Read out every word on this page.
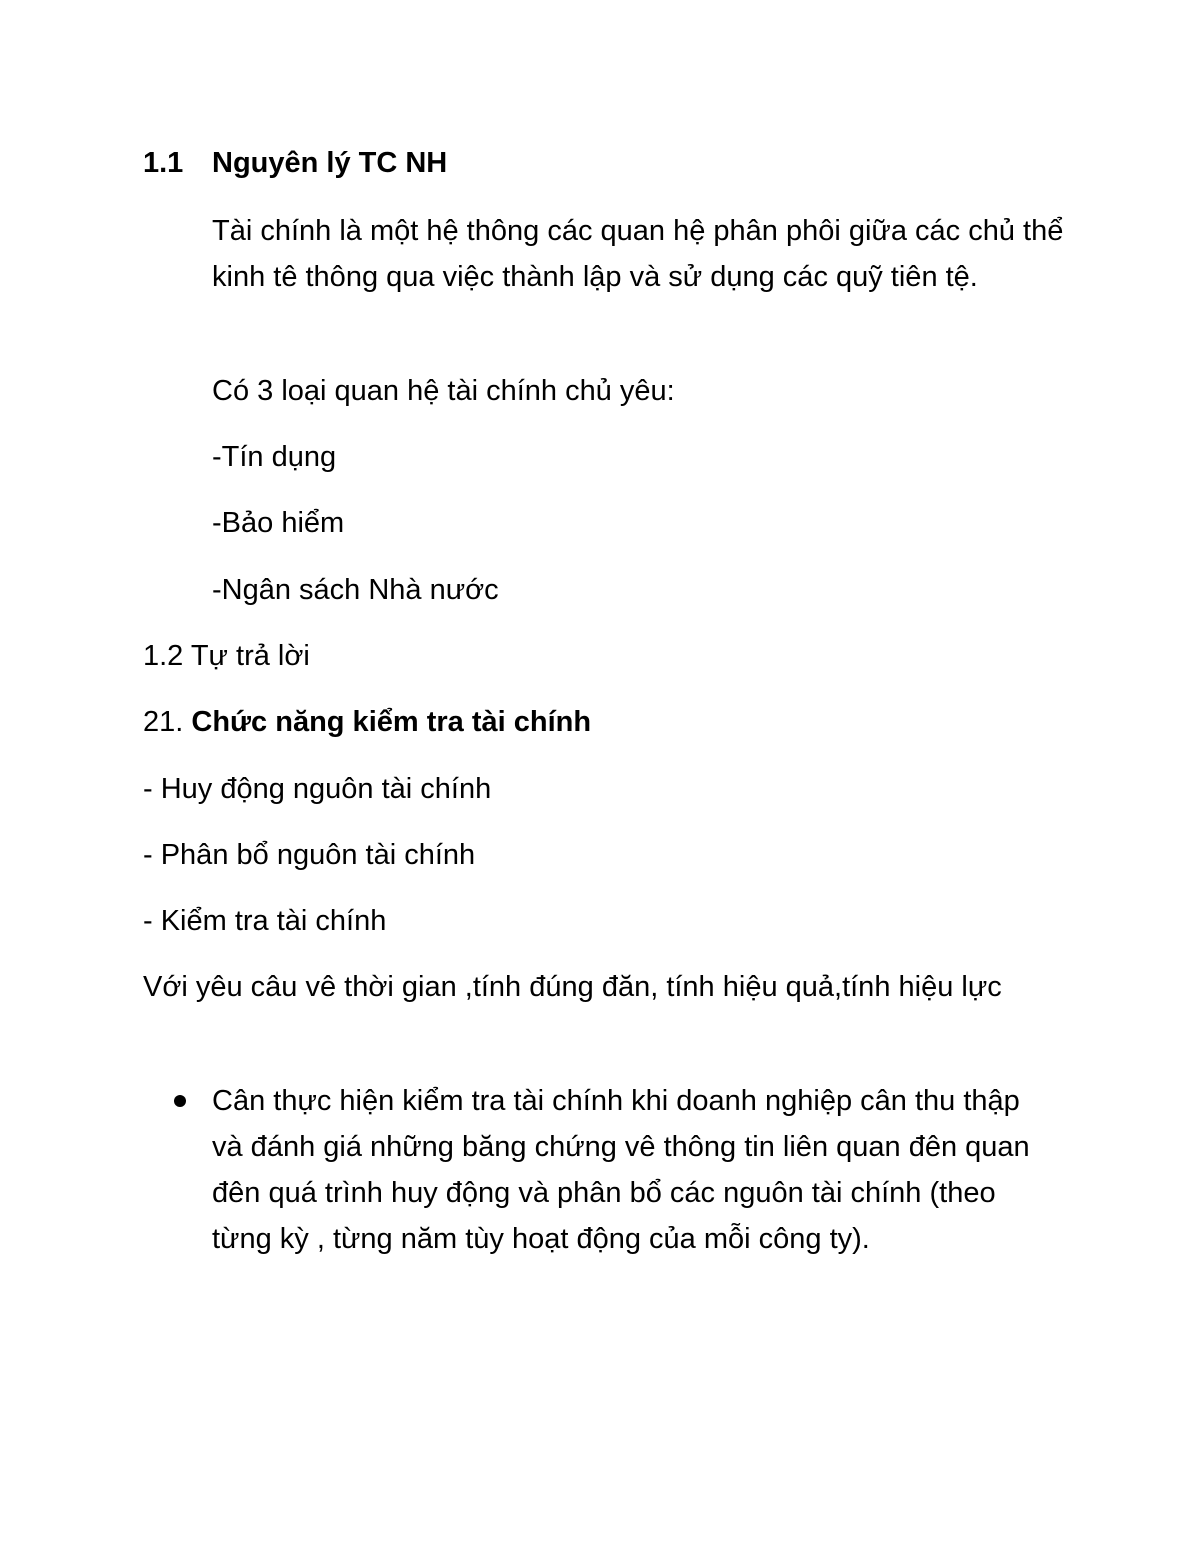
1.1 Nguyên lý TC NH
Tài chính là một hệ thông các quan hệ phân phôi giữa các chủ thể kinh tê thông qua việc thành lập và sử dụng các quỹ tiên tệ.
Có 3 loại quan hệ tài chính chủ yêu:
-Tín dụng
-Bảo hiểm
-Ngân sách Nhà nước
1.2 Tự trả lời
21. Chức năng kiểm tra tài chính
- Huy động nguôn tài chính
- Phân bổ nguôn tài chính
- Kiểm tra tài chính
Với yêu câu vê thời gian ,tính đúng đăn, tính hiệu quả,tính hiệu lực
Cân thực hiện kiểm tra tài chính khi doanh nghiệp cân thu thập và đánh giá những băng chứng vê thông tin liên quan đên quan đên quá trình huy động và phân bổ các nguôn tài chính (theo từng kỳ , từng năm tùy hoạt động của mỗi công ty).
